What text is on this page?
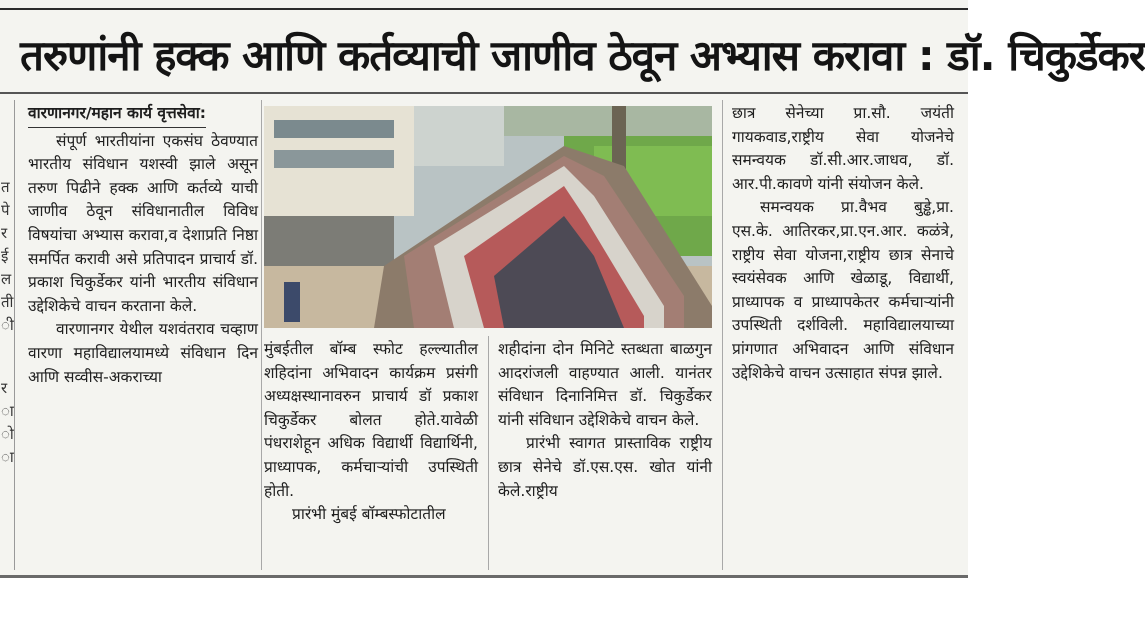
तरुणांनी हक्क आणि कर्तव्याची जाणीव ठेवून अभ्यास करावा : डॉ. चिकुर्डेकर
त
पे
र
ई
ल
ती
ी
र
ा
ो
ा
वारणानगर/महान कार्य वृत्तसेवा:

संपूर्ण भारतीयांना एकसंघ ठेवण्यात भारतीय संविधान यशस्वी झाले असून तरुण पिढीने हक्क आणि कर्तव्ये याची जाणीव ठेवून संविधानातील विविध विषयांचा अभ्यास करावा,व देशाप्रति निष्ठा समर्पित करावी असे प्रतिपादन प्राचार्य डॉ. प्रकाश चिकुर्डेकर यांनी भारतीय संविधान उद्देशिकेचे वाचन करताना केले.

वारणानगर येथील यशवंतराव चव्हाण वारणा महाविद्यालयामध्ये संविधान दिन आणि सव्वीस-अकराच्या

मुंबईतील बॉम्ब स्फोट हल्ल्यातील शहिदांना अभिवादन कार्यक्रम प्रसंगी अध्यक्षस्थानावरुन प्राचार्य डॉ प्रकाश चिकुर्डेकर बोलत होते.यावेळी पंधराशेहून अधिक विद्यार्थी विद्यार्थिनी, प्राध्यापक, कर्मचाऱ्यांची उपस्थिती होती.

प्रारंभी मुंबई बॉम्बस्फोटातील

शहीदांना दोन मिनिटे स्तब्धता बाळगुन आदरांजली वाहण्यात आली. यानंतर संविधान दिनानिमित्त डॉ. चिकुर्डेकर यांनी संविधान उद्देशिकेचे वाचन केले.

प्रारंभी स्वागत प्रास्ताविक राष्ट्रीय छात्र सेनेचे डॉ.एस.एस. खोत यांनी केले.राष्ट्रीय

छात्र सेनेच्या प्रा.सौ. जयंती गायकवाड,राष्ट्रीय सेवा योजनेचे समन्वयक डॉ.सी.आर.जाधव, डॉ. आर.पी.कावणे यांनी संयोजन केले.

समन्वयक प्रा.वैभव बुड्ढे,प्रा. एस.के. आतिरकर,प्रा.एन.आर. कळंत्रे, राष्ट्रीय सेवा योजना,राष्ट्रीय छात्र सेनाचे स्वयंसेवक आणि खेळाडू, विद्यार्थी, प्राध्यापक व प्राध्यापकेतर कर्मचाऱ्यांनी उपस्थिती दर्शविली. महाविद्यालयाच्या प्रांगणात अभिवादन आणि संविधान उद्देशिकेचे वाचन उत्साहात संपन्न झाले.
